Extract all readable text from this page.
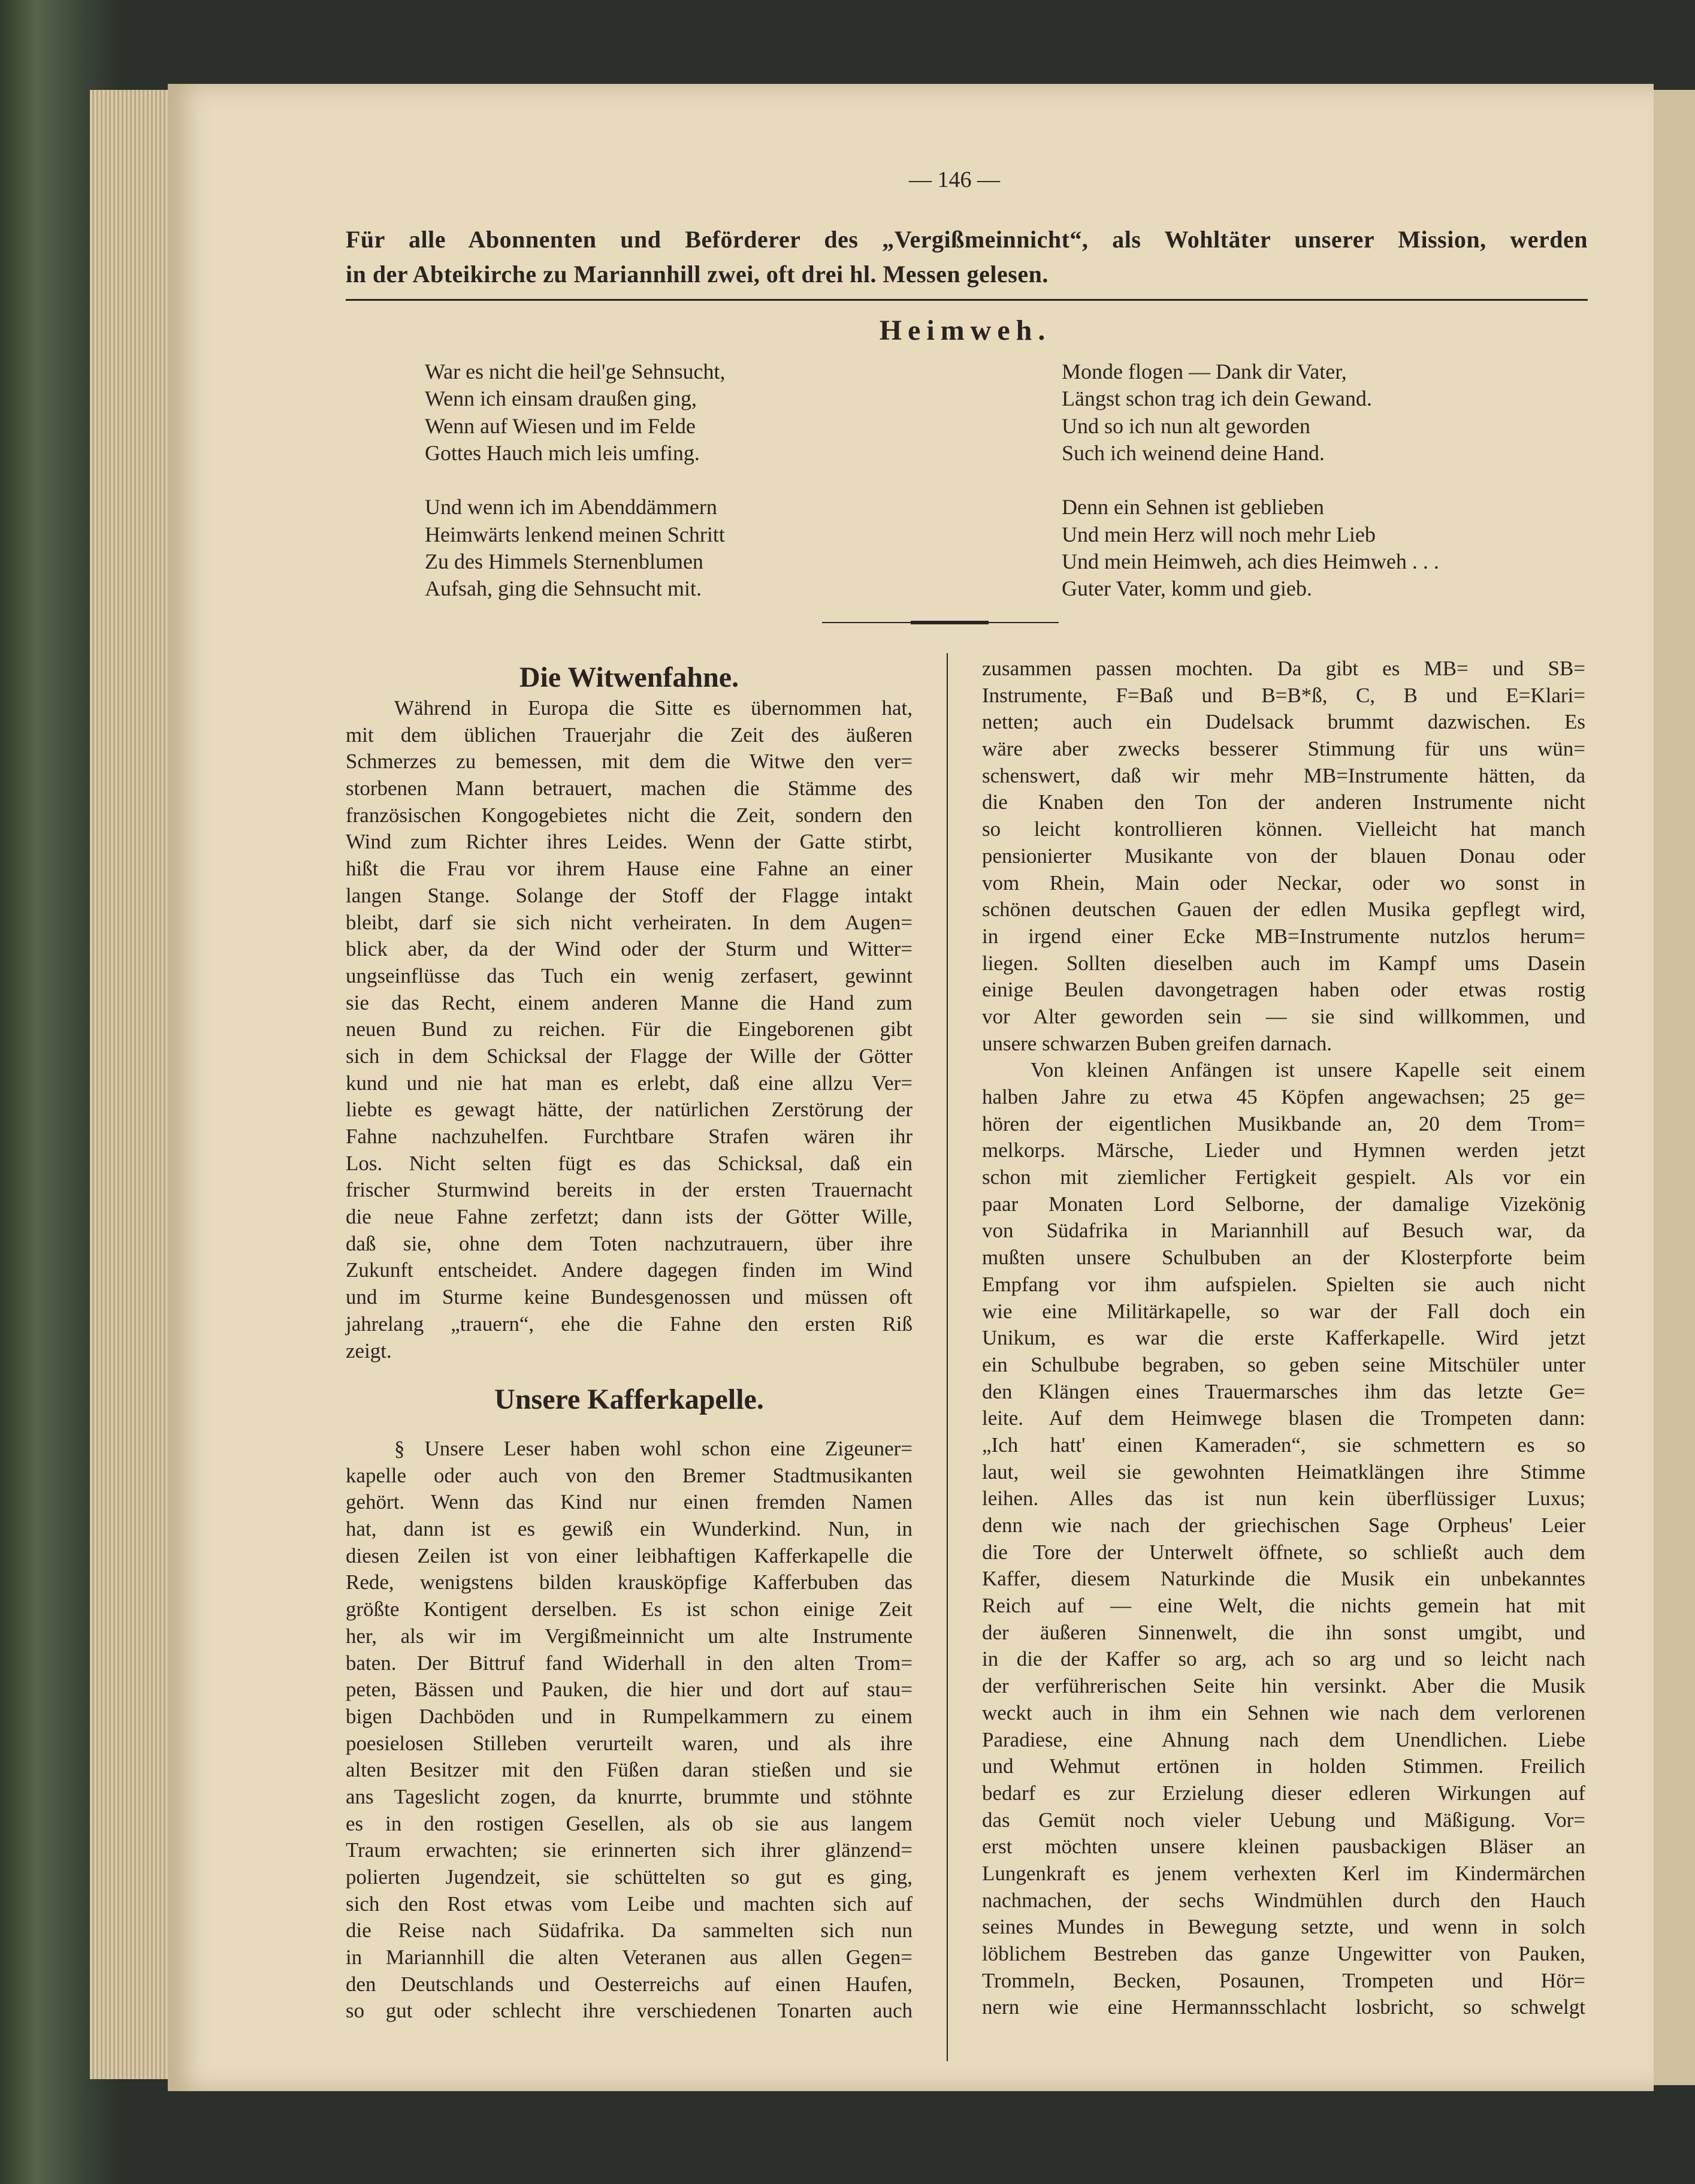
— 146 —
Für alle Abonnenten und Beförderer des „Vergißmeinnicht“, als Wohltäter unserer Mission, werden
in der Abteikirche zu Mariannhill zwei, oft drei hl. Messen gelesen.
Heimweh.
War es nicht die heil'ge Sehnsucht,
Wenn ich einsam draußen ging,
Wenn auf Wiesen und im Felde
Gottes Hauch mich leis umfing.
Und wenn ich im Abenddämmern
Heimwärts lenkend meinen Schritt
Zu des Himmels Sternenblumen
Aufsah, ging die Sehnsucht mit.
Monde flogen — Dank dir Vater,
Längst schon trag ich dein Gewand.
Und so ich nun alt geworden
Such ich weinend deine Hand.
Denn ein Sehnen ist geblieben
Und mein Herz will noch mehr Lieb
Und mein Heimweh, ach dies Heimweh . . .
Guter Vater, komm und gieb.
Die Witwenfahne.
Während in Europa die Sitte es übernommen hat,
mit dem üblichen Trauerjahr die Zeit des äußeren
Schmerzes zu bemessen, mit dem die Witwe den ver=
storbenen Mann betrauert, machen die Stämme des
französischen Kongogebietes nicht die Zeit, sondern den
Wind zum Richter ihres Leides. Wenn der Gatte stirbt,
hißt die Frau vor ihrem Hause eine Fahne an einer
langen Stange. Solange der Stoff der Flagge intakt
bleibt, darf sie sich nicht verheiraten. In dem Augen=
blick aber, da der Wind oder der Sturm und Witter=
ungseinflüsse das Tuch ein wenig zerfasert, gewinnt
sie das Recht, einem anderen Manne die Hand zum
neuen Bund zu reichen. Für die Eingeborenen gibt
sich in dem Schicksal der Flagge der Wille der Götter
kund und nie hat man es erlebt, daß eine allzu Ver=
liebte es gewagt hätte, der natürlichen Zerstörung der
Fahne nachzuhelfen. Furchtbare Strafen wären ihr
Los. Nicht selten fügt es das Schicksal, daß ein
frischer Sturmwind bereits in der ersten Trauernacht
die neue Fahne zerfetzt; dann ists der Götter Wille,
daß sie, ohne dem Toten nachzutrauern, über ihre
Zukunft entscheidet. Andere dagegen finden im Wind
und im Sturme keine Bundesgenossen und müssen oft
jahrelang „trauern“, ehe die Fahne den ersten Riß
zeigt.
Unsere Kafferkapelle.
§ Unsere Leser haben wohl schon eine Zigeuner=
kapelle oder auch von den Bremer Stadtmusikanten
gehört. Wenn das Kind nur einen fremden Namen
hat, dann ist es gewiß ein Wunderkind. Nun, in
diesen Zeilen ist von einer leibhaftigen Kafferkapelle die
Rede, wenigstens bilden krausköpfige Kafferbuben das
größte Kontigent derselben. Es ist schon einige Zeit
her, als wir im Vergißmeinnicht um alte Instrumente
baten. Der Bittruf fand Widerhall in den alten Trom=
peten, Bässen und Pauken, die hier und dort auf stau=
bigen Dachböden und in Rumpelkammern zu einem
poesielosen Stilleben verurteilt waren, und als ihre
alten Besitzer mit den Füßen daran stießen und sie
ans Tageslicht zogen, da knurrte, brummte und stöhnte
es in den rostigen Gesellen, als ob sie aus langem
Traum erwachten; sie erinnerten sich ihrer glänzend=
polierten Jugendzeit, sie schüttelten so gut es ging,
sich den Rost etwas vom Leibe und machten sich auf
die Reise nach Südafrika. Da sammelten sich nun
in Mariannhill die alten Veteranen aus allen Gegen=
den Deutschlands und Oesterreichs auf einen Haufen,
so gut oder schlecht ihre verschiedenen Tonarten auch
zusammen passen mochten. Da gibt es MB= und SB=
Instrumente, F=Baß und B=B*ß, C, B und E=Klari=
netten; auch ein Dudelsack brummt dazwischen. Es
wäre aber zwecks besserer Stimmung für uns wün=
schenswert, daß wir mehr MB=Instrumente hätten, da
die Knaben den Ton der anderen Instrumente nicht
so leicht kontrollieren können. Vielleicht hat manch
pensionierter Musikante von der blauen Donau oder
vom Rhein, Main oder Neckar, oder wo sonst in
schönen deutschen Gauen der edlen Musika gepflegt wird,
in irgend einer Ecke MB=Instrumente nutzlos herum=
liegen. Sollten dieselben auch im Kampf ums Dasein
einige Beulen davongetragen haben oder etwas rostig
vor Alter geworden sein — sie sind willkommen, und
unsere schwarzen Buben greifen darnach.
Von kleinen Anfängen ist unsere Kapelle seit einem
halben Jahre zu etwa 45 Köpfen angewachsen; 25 ge=
hören der eigentlichen Musikbande an, 20 dem Trom=
melkorps. Märsche, Lieder und Hymnen werden jetzt
schon mit ziemlicher Fertigkeit gespielt. Als vor ein
paar Monaten Lord Selborne, der damalige Vizekönig
von Südafrika in Mariannhill auf Besuch war, da
mußten unsere Schulbuben an der Klosterpforte beim
Empfang vor ihm aufspielen. Spielten sie auch nicht
wie eine Militärkapelle, so war der Fall doch ein
Unikum, es war die erste Kafferkapelle. Wird jetzt
ein Schulbube begraben, so geben seine Mitschüler unter
den Klängen eines Trauermarsches ihm das letzte Ge=
leite. Auf dem Heimwege blasen die Trompeten dann:
„Ich hatt' einen Kameraden“, sie schmettern es so
laut, weil sie gewohnten Heimatklängen ihre Stimme
leihen. Alles das ist nun kein überflüssiger Luxus;
denn wie nach der griechischen Sage Orpheus' Leier
die Tore der Unterwelt öffnete, so schließt auch dem
Kaffer, diesem Naturkinde die Musik ein unbekanntes
Reich auf — eine Welt, die nichts gemein hat mit
der äußeren Sinnenwelt, die ihn sonst umgibt, und
in die der Kaffer so arg, ach so arg und so leicht nach
der verführerischen Seite hin versinkt. Aber die Musik
weckt auch in ihm ein Sehnen wie nach dem verlorenen
Paradiese, eine Ahnung nach dem Unendlichen. Liebe
und Wehmut ertönen in holden Stimmen. Freilich
bedarf es zur Erzielung dieser edleren Wirkungen auf
das Gemüt noch vieler Uebung und Mäßigung. Vor=
erst möchten unsere kleinen pausbackigen Bläser an
Lungenkraft es jenem verhexten Kerl im Kindermärchen
nachmachen, der sechs Windmühlen durch den Hauch
seines Mundes in Bewegung setzte, und wenn in solch
löblichem Bestreben das ganze Ungewitter von Pauken,
Trommeln, Becken, Posaunen, Trompeten und Hör=
nern wie eine Hermannsschlacht losbricht, so schwelgt
